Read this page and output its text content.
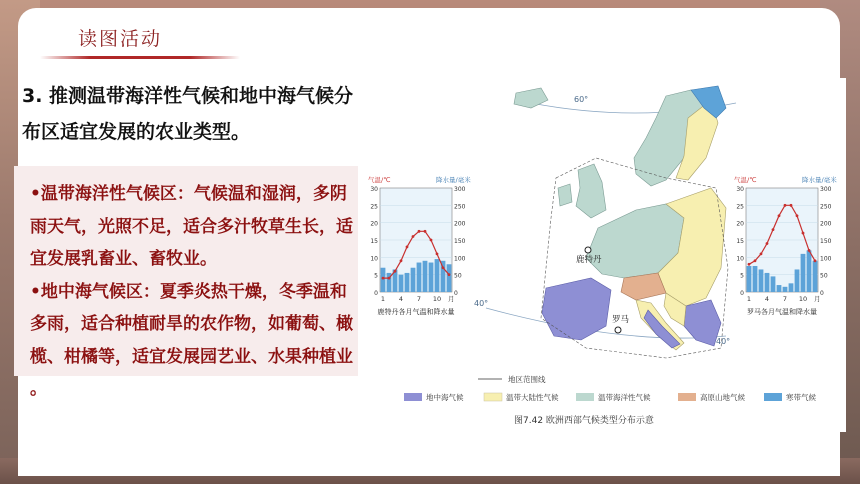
读图活动
3. 推测温带海洋性气候和地中海气候分布区适宜发展的农业类型。

•温带海洋性气候区：气候温和湿润，多阴雨天气，光照不足，适合多汁牧草生长，适宜发展乳畜业、畜牧业。

•地中海气候区：夏季炎热干燥，冬季温和多雨，适合种植耐旱的农作物，如葡萄、橄榄、柑橘等，适宜发展园艺业、水果种植业 。

60°
40°
40°
鹿特丹
罗马
30	300
25	250
20	200
15	150
10	100
5	50
0	0
气温/℃	降水量/毫米
1 4 7 10 月
鹿特丹各月气温和降水量
30	300
25	250
20	200
15	150
10	100
5	50
0	0
气温/℃	降水量/毫米
1 4 7 10 月
罗马各月气温和降水量
地区范围线
地中海气候	温带大陆性气候	温带海洋性气候	高原山地气候	寒带气候
图7.42 欧洲西部气候类型分布示意
